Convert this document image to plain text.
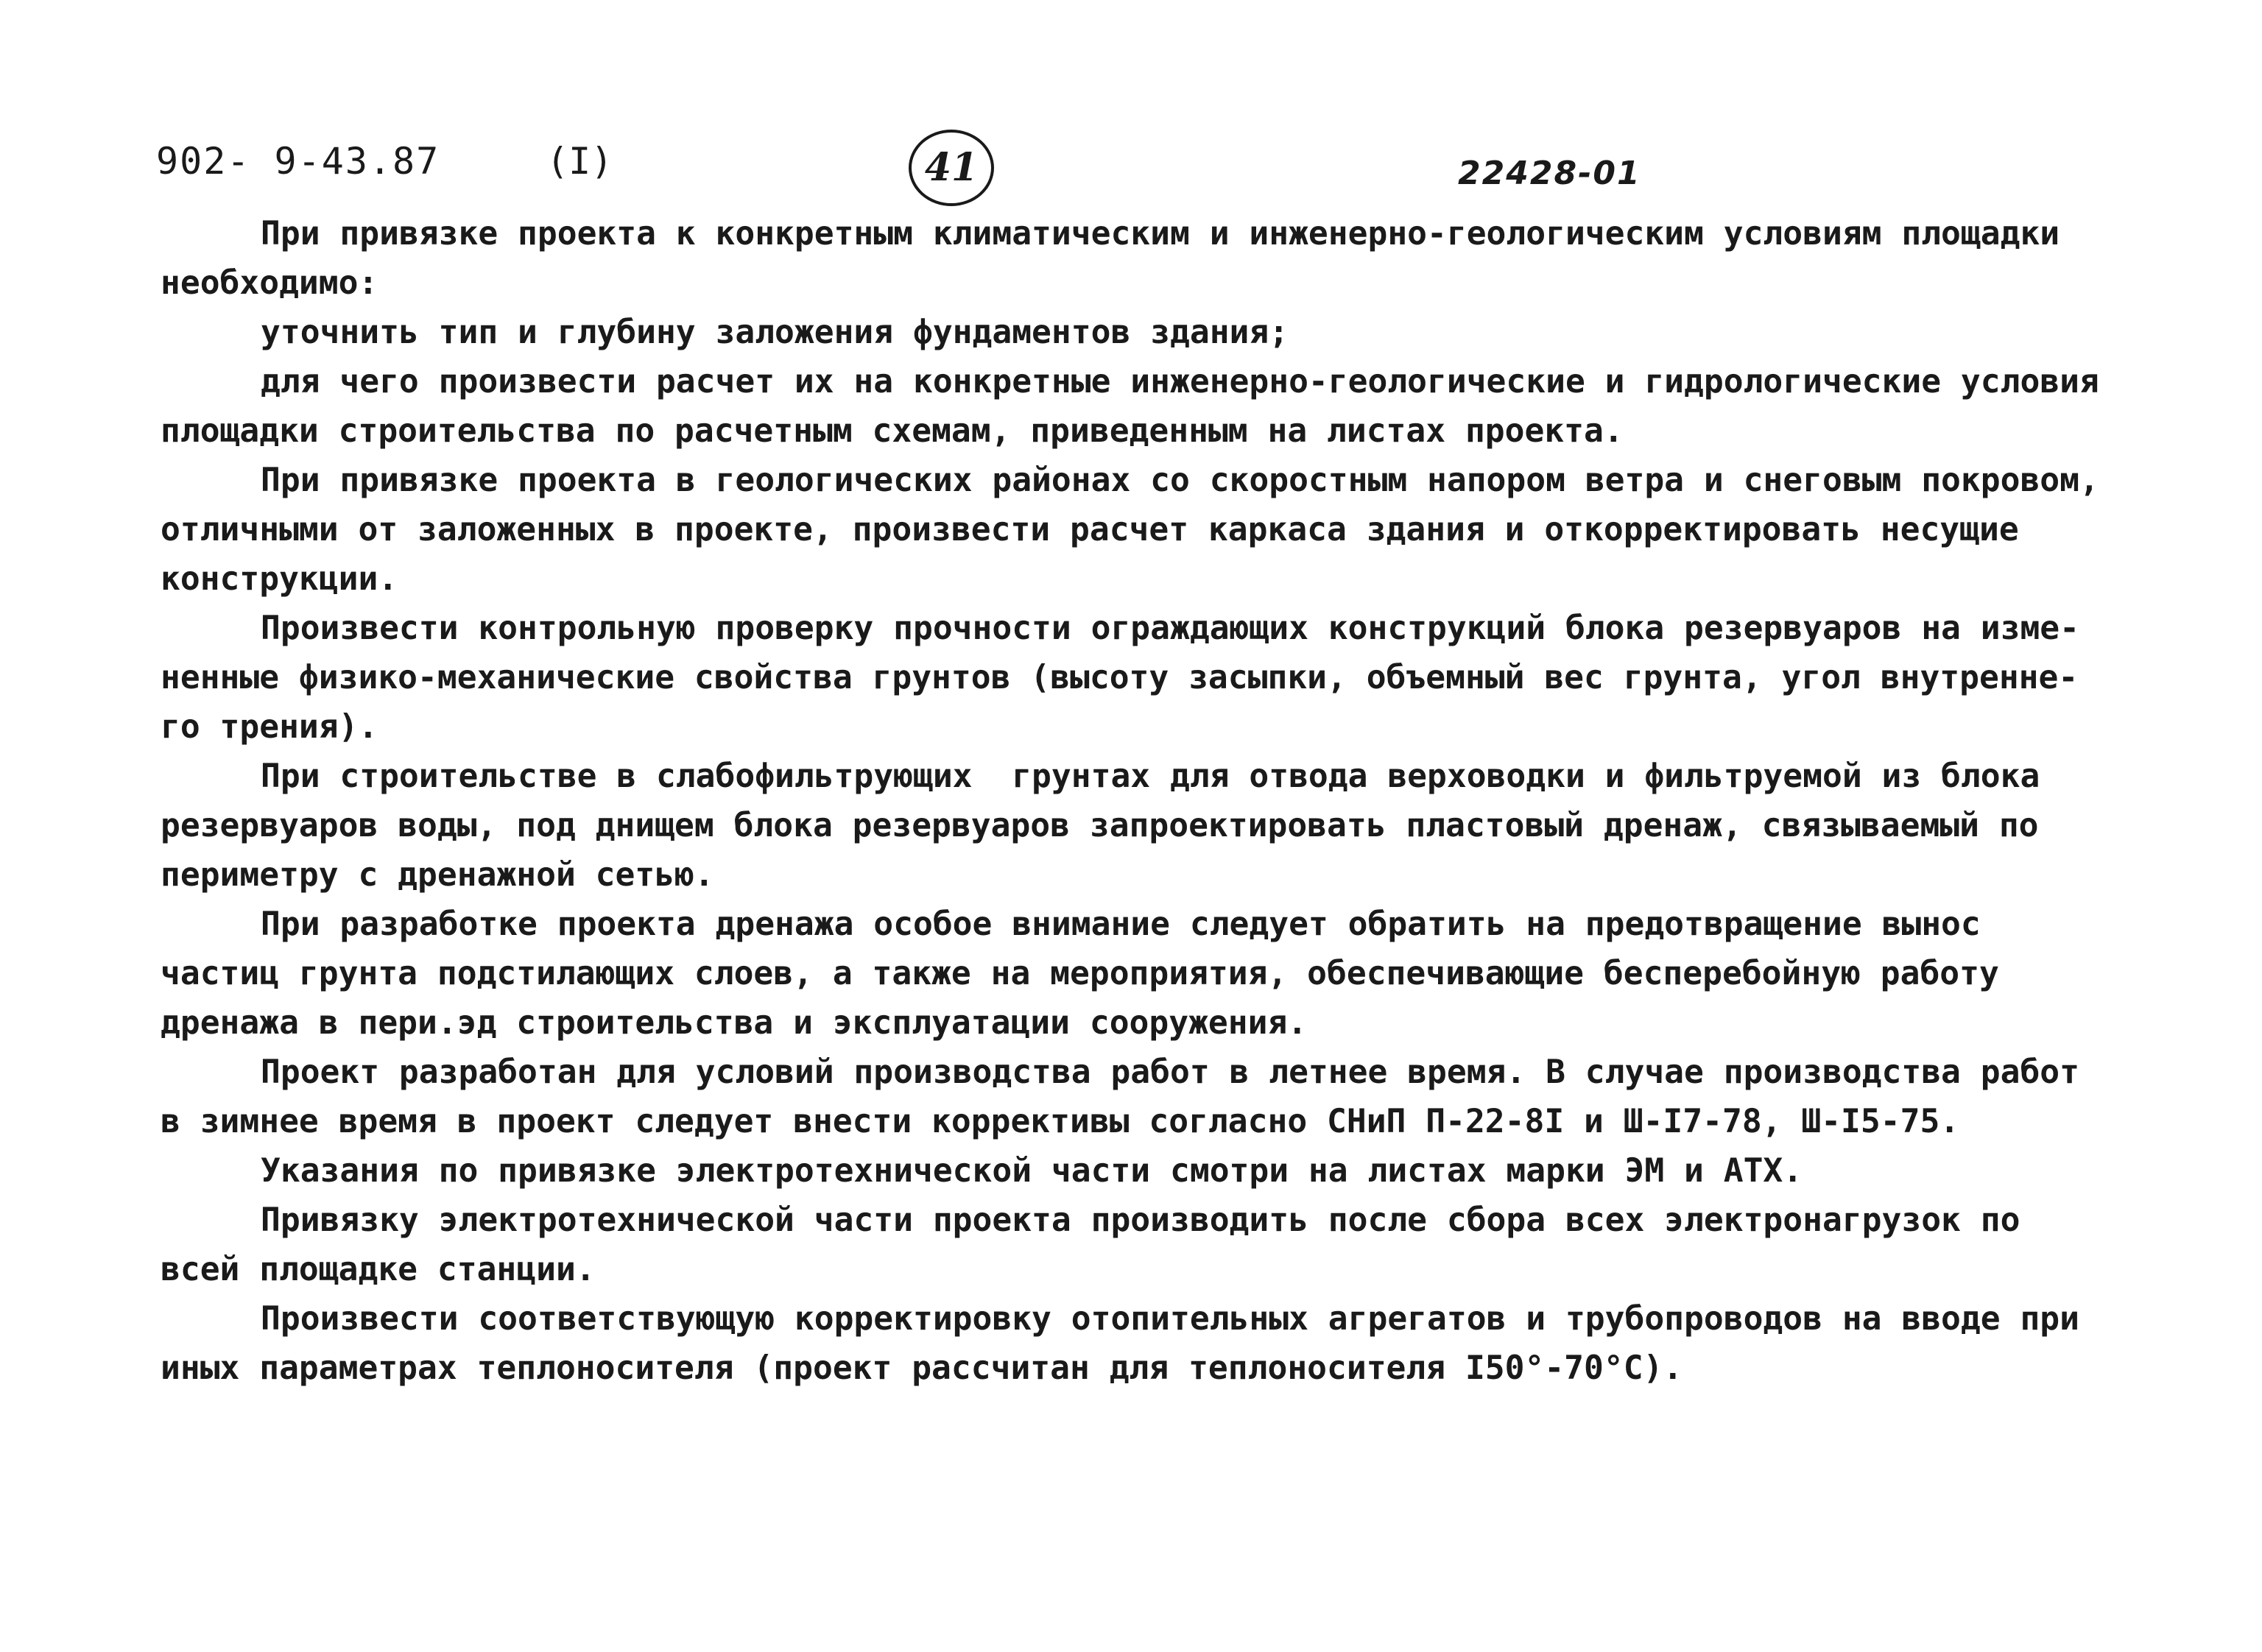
902- 9-43.87	(I)	41	22428-01
При привязке проекта к конкретным климатическим и инженерно-геологическим условиям площадки
необходимо:
уточнить тип и глубину заложения фундаментов здания;
для чего произвести расчет их на конкретные инженерно-геологические и гидрологические условия
площадки строительства по расчетным схемам, приведенным на листах проекта.
При привязке проекта в геологических районах со скоростным напором ветра и снеговым покровом,
отличными от заложенных в проекте, произвести расчет каркаса здания и откорректировать несущие
конструкции.
Произвести контрольную проверку прочности ограждающих конструкций блока резервуаров на изме-
ненные физико-механические свойства грунтов (высоту засыпки, объемный вес грунта, угол внутренне-
го трения).
При строительстве в слабофильтрующих  грунтах для отвода верховодки и фильтруемой из блока
резервуаров воды, под днищем блока резервуаров запроектировать пластовый дренаж, связываемый по
периметру с дренажной сетью.
При разработке проекта дренажа особое внимание следует обратить на предотвращение вынос
частиц грунта подстилающих слоев, а также на мероприятия, обеспечивающие бесперебойную работу
дренажа в пери.эд строительства и эксплуатации сооружения.
Проект разработан для условий производства работ в летнее время. В случае производства работ
в зимнее время в проект следует внести коррективы согласно СНиП П-22-8I и Ш-I7-78, Ш-I5-75.
Указания по привязке электротехнической части смотри на листах марки ЭМ и АТХ.
Привязку электротехнической части проекта производить после сбора всех электронагрузок по
всей площадке станции.
Произвести соответствующую корректировку отопительных агрегатов и трубопроводов на вводе при
иных параметрах теплоносителя (проект рассчитан для теплоносителя I50°-70°С).
